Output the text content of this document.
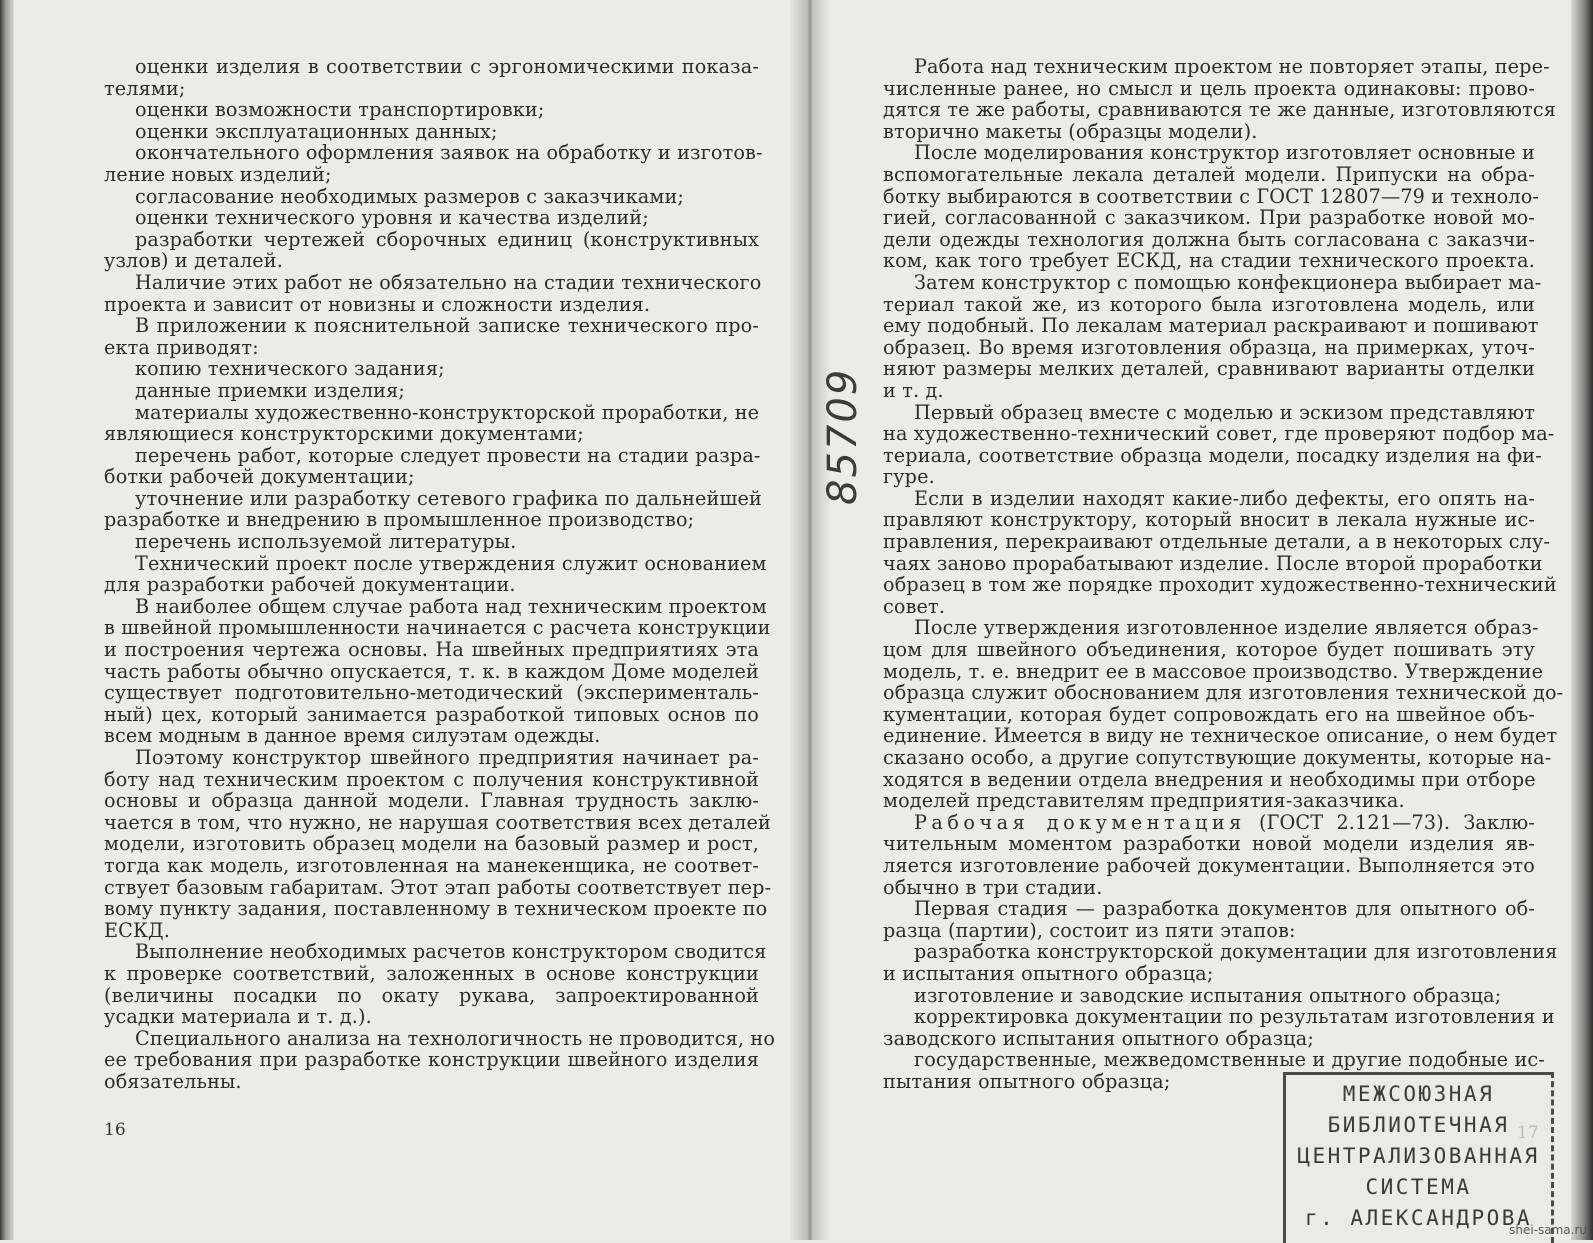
оценки изделия в соответствии с эргономическими показа-
телями;
оценки возможности транспортировки;
оценки эксплуатационных данных;
окончательного оформления заявок на обработку и изготов-
ление новых изделий;
согласование необходимых размеров с заказчиками;
оценки технического уровня и качества изделий;
разработки чертежей сборочных единиц (конструктивных
узлов) и деталей.
Наличие этих работ не обязательно на стадии технического
проекта и зависит от новизны и сложности изделия.
В приложении к пояснительной записке технического про-
екта приводят:
копию технического задания;
данные приемки изделия;
материалы художественно-конструкторской проработки, не
являющиеся конструкторскими документами;
перечень работ, которые следует провести на стадии разра-
ботки рабочей документации;
уточнение или разработку сетевого графика по дальнейшей
разработке и внедрению в промышленное производство;
перечень используемой литературы.
Технический проект после утверждения служит основанием
для разработки рабочей документации.
В наиболее общем случае работа над техническим проектом
в швейной промышленности начинается с расчета конструкции
и построения чертежа основы. На швейных предприятиях эта
часть работы обычно опускается, т. к. в каждом Доме моделей
существует подготовительно-методический (эксперименталь-
ный) цех, который занимается разработкой типовых основ по
всем модным в данное время силуэтам одежды.
Поэтому конструктор швейного предприятия начинает ра-
боту над техническим проектом с получения конструктивной
основы и образца данной модели. Главная трудность заклю-
чается в том, что нужно, не нарушая соответствия всех деталей
модели, изготовить образец модели на базовый размер и рост,
тогда как модель, изготовленная на манекенщика, не соответ-
ствует базовым габаритам. Этот этап работы соответствует пер-
вому пункту задания, поставленному в техническом проекте по
ЕСКД.
Выполнение необходимых расчетов конструктором сводится
к проверке соответствий, заложенных в основе конструкции
(величины посадки по окату рукава, запроектированной
усадки материала и т. д.).
Специального анализа на технологичность не проводится, но
ее требования при разработке конструкции швейного изделия
обязательны.
Работа над техническим проектом не повторяет этапы, пере-
численные ранее, но смысл и цель проекта одинаковы: прово-
дятся те же работы, сравниваются те же данные, изготовляются
вторично макеты (образцы модели).
После моделирования конструктор изготовляет основные и
вспомогательные лекала деталей модели. Припуски на обра-
ботку выбираются в соответствии с ГОСТ 12807—79 и техноло-
гией, согласованной с заказчиком. При разработке новой мо-
дели одежды технология должна быть согласована с заказчи-
ком, как того требует ЕСКД, на стадии технического проекта.
Затем конструктор с помощью конфекционера выбирает ма-
териал такой же, из которого была изготовлена модель, или
ему подобный. По лекалам материал раскраивают и пошивают
образец. Во время изготовления образца, на примерках, уточ-
няют размеры мелких деталей, сравнивают варианты отделки
и т. д.
Первый образец вместе с моделью и эскизом представляют
на художественно-технический совет, где проверяют подбор ма-
териала, соответствие образца модели, посадку изделия на фи-
гуре.
Если в изделии находят какие-либо дефекты, его опять на-
правляют конструктору, который вносит в лекала нужные ис-
правления, перекраивают отдельные детали, а в некоторых слу-
чаях заново прорабатывают изделие. После второй проработки
образец в том же порядке проходит художественно-технический
совет.
После утверждения изготовленное изделие является образ-
цом для швейного объединения, которое будет пошивать эту
модель, т. е. внедрит ее в массовое производство. Утверждение
образца служит обоснованием для изготовления технической до-
кументации, которая будет сопровождать его на швейное объ-
единение. Имеется в виду не техническое описание, о нем будет
сказано особо, а другие сопутствующие документы, которые на-
ходятся в ведении отдела внедрения и необходимы при отборе
моделей представителям предприятия-заказчика.
Рабочая документация (ГОСТ 2.121—73). Заклю-
чительным моментом разработки новой модели изделия яв-
ляется изготовление рабочей документации. Выполняется это
обычно в три стадии.
Первая стадия — разработка документов для опытного об-
разца (партии), состоит из пяти этапов:
разработка конструкторской документации для изготовления
и испытания опытного образца;
изготовление и заводские испытания опытного образца;
корректировка документации по результатам изготовления и
заводского испытания опытного образца;
государственные, межведомственные и другие подобные ис-
пытания опытного образца;
16
85709
МЕЖСОЮЗНАЯ
БИБЛИОТЕЧНАЯ
ЦЕНТРАЛИЗОВАННАЯ
СИСТЕМА
г. АЛЕКСАНДРОВА
shei-sama.ru
